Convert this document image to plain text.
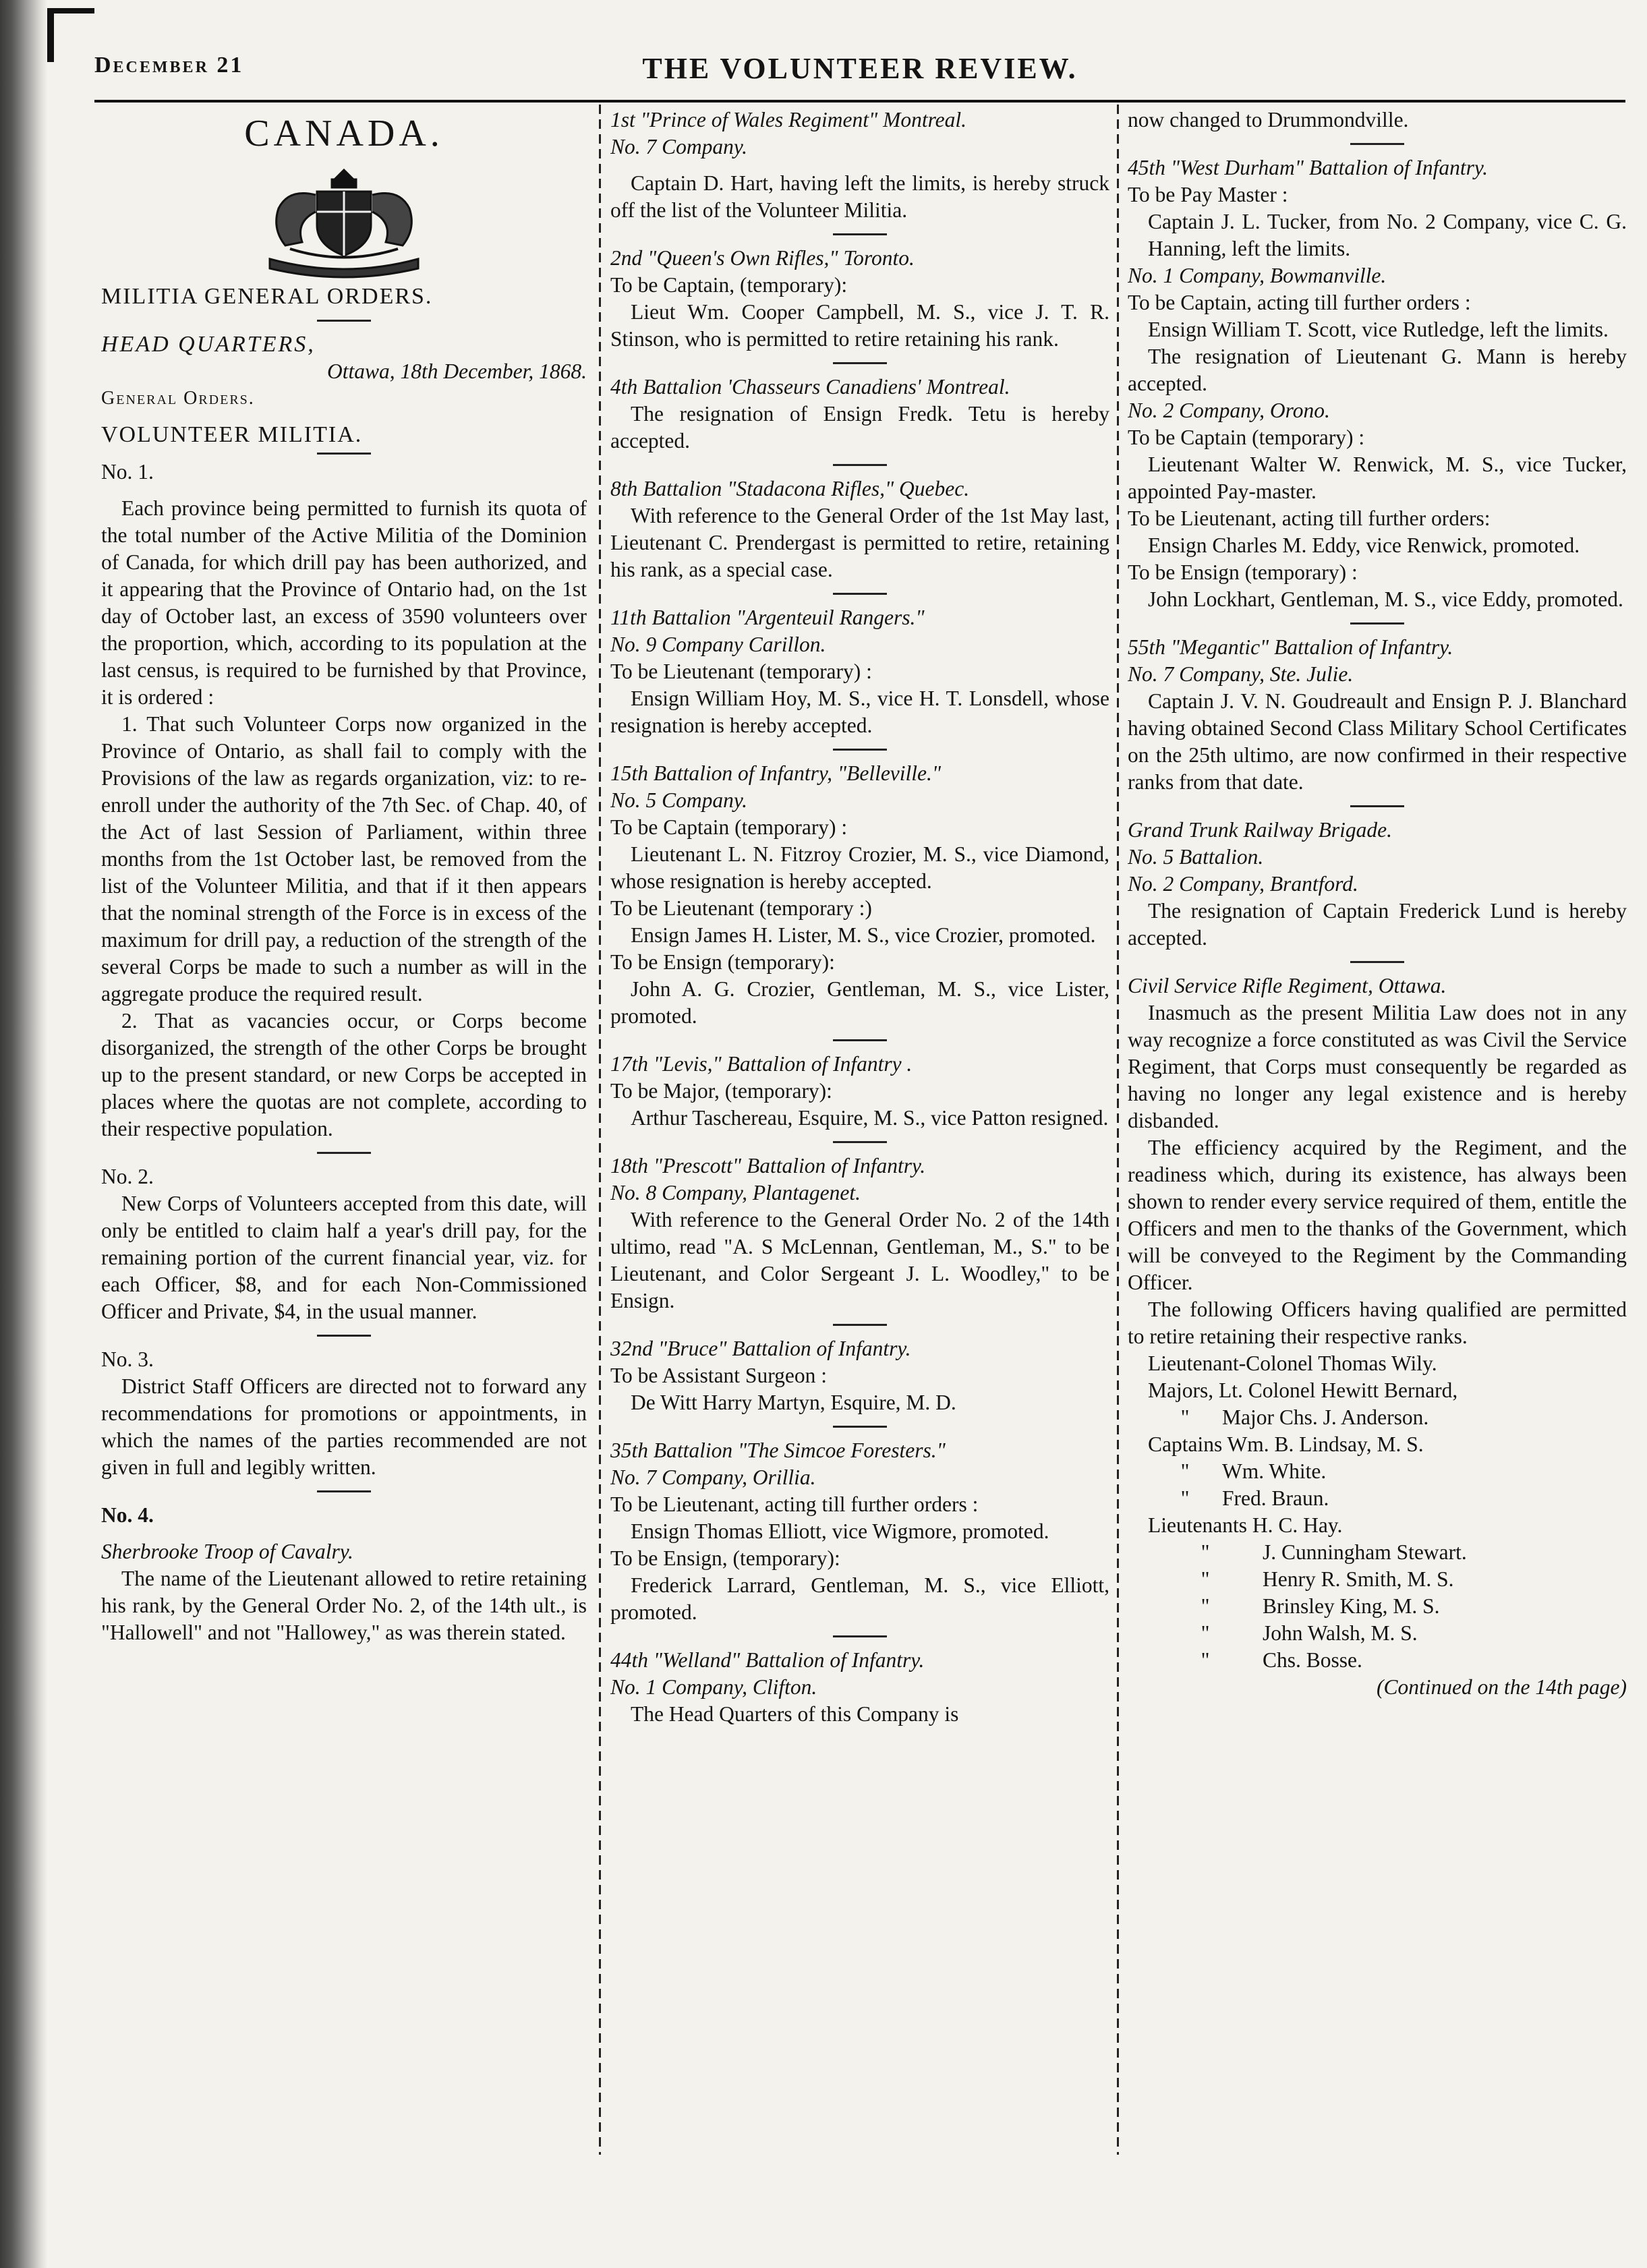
December 21	THE VOLUNTEER REVIEW.
CANADA.

MILITIA GENERAL ORDERS.

HEAD QUARTERS,

Ottawa, 18th December, 1868.

General Orders.

VOLUNTEER MILITIA.

No. 1.

Each province being permitted to furnish its quota of the total number of the Active Militia of the Dominion of Canada, for which drill pay has been authorized, and it appearing that the Province of Ontario had, on the 1st day of October last, an excess of 3590 volunteers over the proportion, which, according to its population at the last census, is required to be furnished by that Province, it is ordered :

1. That such Volunteer Corps now organized in the Province of Ontario, as shall fail to comply with the Provisions of the law as regards organization, viz: to re-enroll under the authority of the 7th Sec. of Chap. 40, of the Act of last Session of Parliament, within three months from the 1st October last, be removed from the list of the Volunteer Militia, and that if it then appears that the nominal strength of the Force is in excess of the maximum for drill pay, a reduction of the strength of the several Corps be made to such a number as will in the aggregate produce the required result.

2. That as vacancies occur, or Corps become disorganized, the strength of the other Corps be brought up to the present standard, or new Corps be accepted in places where the quotas are not complete, according to their respective population.

No. 2.

New Corps of Volunteers accepted from this date, will only be entitled to claim half a year's drill pay, for the remaining portion of the current financial year, viz. for each Officer, $8, and for each Non-Commissioned Officer and Private, $4, in the usual manner.

No. 3.

District Staff Officers are directed not to forward any recommendations for promotions or appointments, in which the names of the parties recommended are not given in full and legibly written.

No. 4.

Sherbrooke Troop of Cavalry.

The name of the Lieutenant allowed to retire retaining his rank, by the General Order No. 2, of the 14th ult., is "Hallowell" and not "Hallowey," as was therein stated.

1st "Prince of Wales Regiment" Montreal.

No. 7 Company.

Captain D. Hart, having left the limits, is hereby struck off the list of the Volunteer Militia.

2nd "Queen's Own Rifles," Toronto.

To be Captain, (temporary):

Lieut Wm. Cooper Campbell, M. S., vice J. T. R. Stinson, who is permitted to retire retaining his rank.

4th Battalion 'Chasseurs Canadiens' Montreal.

The resignation of Ensign Fredk. Tetu is hereby accepted.

8th Battalion "Stadacona Rifles," Quebec.

With reference to the General Order of the 1st May last, Lieutenant C. Prendergast is permitted to retire, retaining his rank, as a special case.

11th Battalion "Argenteuil Rangers."

No. 9 Company Carillon.

To be Lieutenant (temporary) :

Ensign William Hoy, M. S., vice H. T. Lonsdell, whose resignation is hereby accepted.

15th Battalion of Infantry, "Belleville."

No. 5 Company.

To be Captain (temporary) :

Lieutenant L. N. Fitzroy Crozier, M. S., vice Diamond, whose resignation is hereby accepted.

To be Lieutenant (temporary :)

Ensign James H. Lister, M. S., vice Crozier, promoted.

To be Ensign (temporary):

John A. G. Crozier, Gentleman, M. S., vice Lister, promoted.

17th "Levis," Battalion of Infantry .

To be Major, (temporary):

Arthur Taschereau, Esquire, M. S., vice Patton resigned.

18th "Prescott" Battalion of Infantry.

No. 8 Company, Plantagenet.

With reference to the General Order No. 2 of the 14th ultimo, read "A. S McLennan, Gentleman, M., S." to be Lieutenant, and Color Sergeant J. L. Woodley," to be Ensign.

32nd "Bruce" Battalion of Infantry.

To be Assistant Surgeon :

De Witt Harry Martyn, Esquire, M. D.

35th Battalion "The Simcoe Foresters."

No. 7 Company, Orillia.

To be Lieutenant, acting till further orders :

Ensign Thomas Elliott, vice Wigmore, promoted.

To be Ensign, (temporary):

Frederick Larrard, Gentleman, M. S., vice Elliott, promoted.

44th "Welland" Battalion of Infantry.

No. 1 Company, Clifton.

The Head Quarters of this Company is

now changed to Drummondville.

45th "West Durham" Battalion of Infantry.

To be Pay Master :

Captain J. L. Tucker, from No. 2 Company, vice C. G. Hanning, left the limits.

No. 1 Company, Bowmanville.

To be Captain, acting till further orders :

Ensign William T. Scott, vice Rutledge, left the limits.

The resignation of Lieutenant G. Mann is hereby accepted.

No. 2 Company, Orono.

To be Captain (temporary) :

Lieutenant Walter W. Renwick, M. S., vice Tucker, appointed Pay-master.

To be Lieutenant, acting till further orders:

Ensign Charles M. Eddy, vice Renwick, promoted.

To be Ensign (temporary) :

John Lockhart, Gentleman, M. S., vice Eddy, promoted.

55th "Megantic" Battalion of Infantry.

No. 7 Company, Ste. Julie.

Captain J. V. N. Goudreault and Ensign P. J. Blanchard having obtained Second Class Military School Certificates on the 25th ultimo, are now confirmed in their respective ranks from that date.

Grand Trunk Railway Brigade.

No. 5 Battalion.

No. 2 Company, Brantford.

The resignation of Captain Frederick Lund is hereby accepted.

Civil Service Rifle Regiment, Ottawa.

Inasmuch as the present Militia Law does not in any way recognize a force constituted as was Civil the Service Regiment, that Corps must consequently be regarded as having no longer any legal existence and is hereby disbanded.

The efficiency acquired by the Regiment, and the readiness which, during its existence, has always been shown to render every service required of them, entitle the Officers and men to the thanks of the Government, which will be conveyed to the Regiment by the Commanding Officer.

The following Officers having qualified are permitted to retire retaining their respective ranks.

Lieutenant-Colonel Thomas Wily.

Majors, Lt. Colonel Hewitt Bernard,

" Major Chs. J. Anderson.

Captains Wm. B. Lindsay, M. S.

" Wm. White.

" Fred. Braun.

Lieutenants H. C. Hay.

" J. Cunningham Stewart.

" Henry R. Smith, M. S.

" Brinsley King, M. S.

" John Walsh, M. S.

" Chs. Bosse.

(Continued on the 14th page)
